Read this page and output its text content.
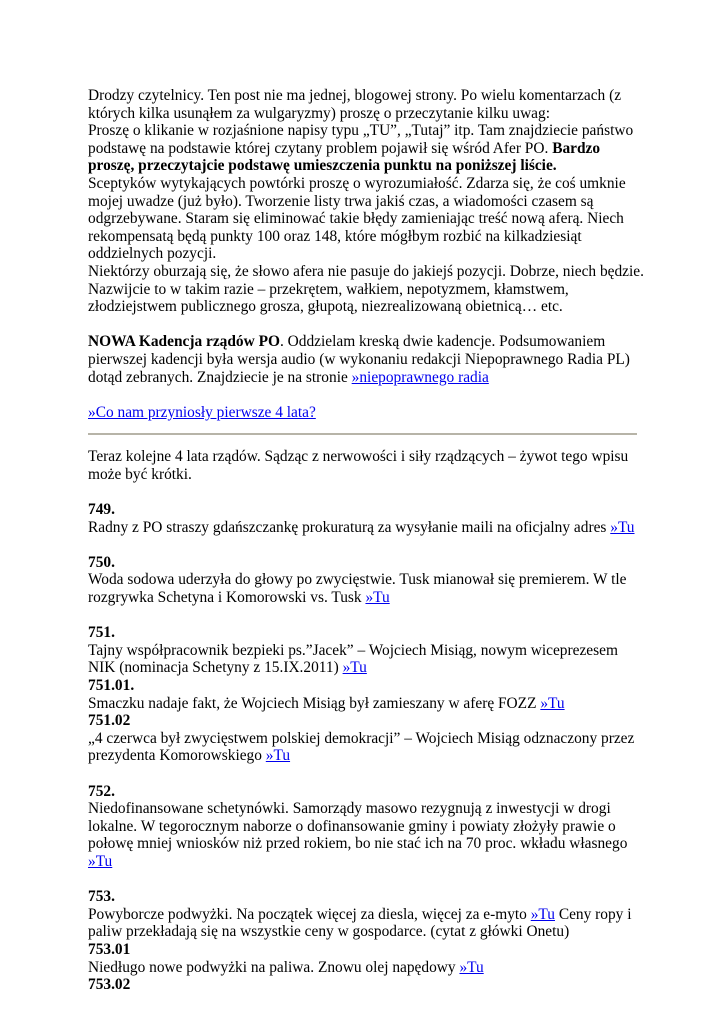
Drodzy czytelnicy. Ten post nie ma jednej, blogowej strony. Po wielu komentarzach (z których kilka usunąłem za wulgaryzmy) proszę o przeczytanie kilku uwag:
Proszę o klikanie w rozjaśnione napisy typu „TU”, „Tutaj” itp. Tam znajdziecie państwo podstawę na podstawie której czytany problem pojawił się wśród Afer PO. Bardzo proszę, przeczytajcie podstawę umieszczenia punktu na poniższej liście.
Sceptyków wytykających powtórki proszę o wyrozumiałość. Zdarza się, że coś umknie mojej uwadze (już było). Tworzenie listy trwa jakiś czas, a wiadomości czasem są odgrzebywane. Staram się eliminować takie błędy zamieniając treść nową aferą. Niech rekompensatą będą punkty 100 oraz 148, które mógłbym rozbić na kilkadziesiąt oddzielnych pozycji.
Niektórzy oburzają się, że słowo afera nie pasuje do jakiejś pozycji. Dobrze, niech będzie. Nazwijcie to w takim razie – przekrętem, wałkiem, nepotyzmem, kłamstwem, złodziejstwem publicznego grosza, głupotą, niezrealizowaną obietnicą… etc.

NOWA Kadencja rządów PO. Oddzielam kreską dwie kadencje. Podsumowaniem pierwszej kadencji była wersja audio (w wykonaniu redakcji Niepoprawnego Radia PL) dotąd zebranych. Znajdziecie je na stronie »niepoprawnego radia

»Co nam przyniosły pierwsze 4 lata?

Teraz kolejne 4 lata rządów. Sądząc z nerwowości i siły rządzących – żywot tego wpisu może być krótki.

749.
Radny z PO straszy gdańszczankę prokuraturą za wysyłanie maili na oficjalny adres »Tu

750.
Woda sodowa uderzyła do głowy po zwycięstwie. Tusk mianował się premierem. W tle rozgrywka Schetyna i Komorowski vs. Tusk »Tu

751.
Tajny współpracownik bezpieki ps.”Jacek” – Wojciech Misiąg, nowym wiceprezesem NIK (nominacja Schetyny z 15.IX.2011) »Tu
751.01.
Smaczku nadaje fakt, że Wojciech Misiąg był zamieszany w aferę FOZZ »Tu
751.02
„4 czerwca był zwycięstwem polskiej demokracji” – Wojciech Misiąg odznaczony przez prezydenta Komorowskiego »Tu

752.
Niedofinansowane schetynówki. Samorządy masowo rezygnują z inwestycji w drogi lokalne. W tegorocznym naborze o dofinansowanie gminy i powiaty złożyły prawie o połowę mniej wniosków niż przed rokiem, bo nie stać ich na 70 proc. wkładu własnego »Tu

753.
Powyborcze podwyżki. Na początek więcej za diesla, więcej za e-myto »Tu Ceny ropy i paliw przekładają się na wszystkie ceny w gospodarce. (cytat z główki Onetu)
753.01
Niedługo nowe podwyżki na paliwa. Znowu olej napędowy »Tu
753.02
